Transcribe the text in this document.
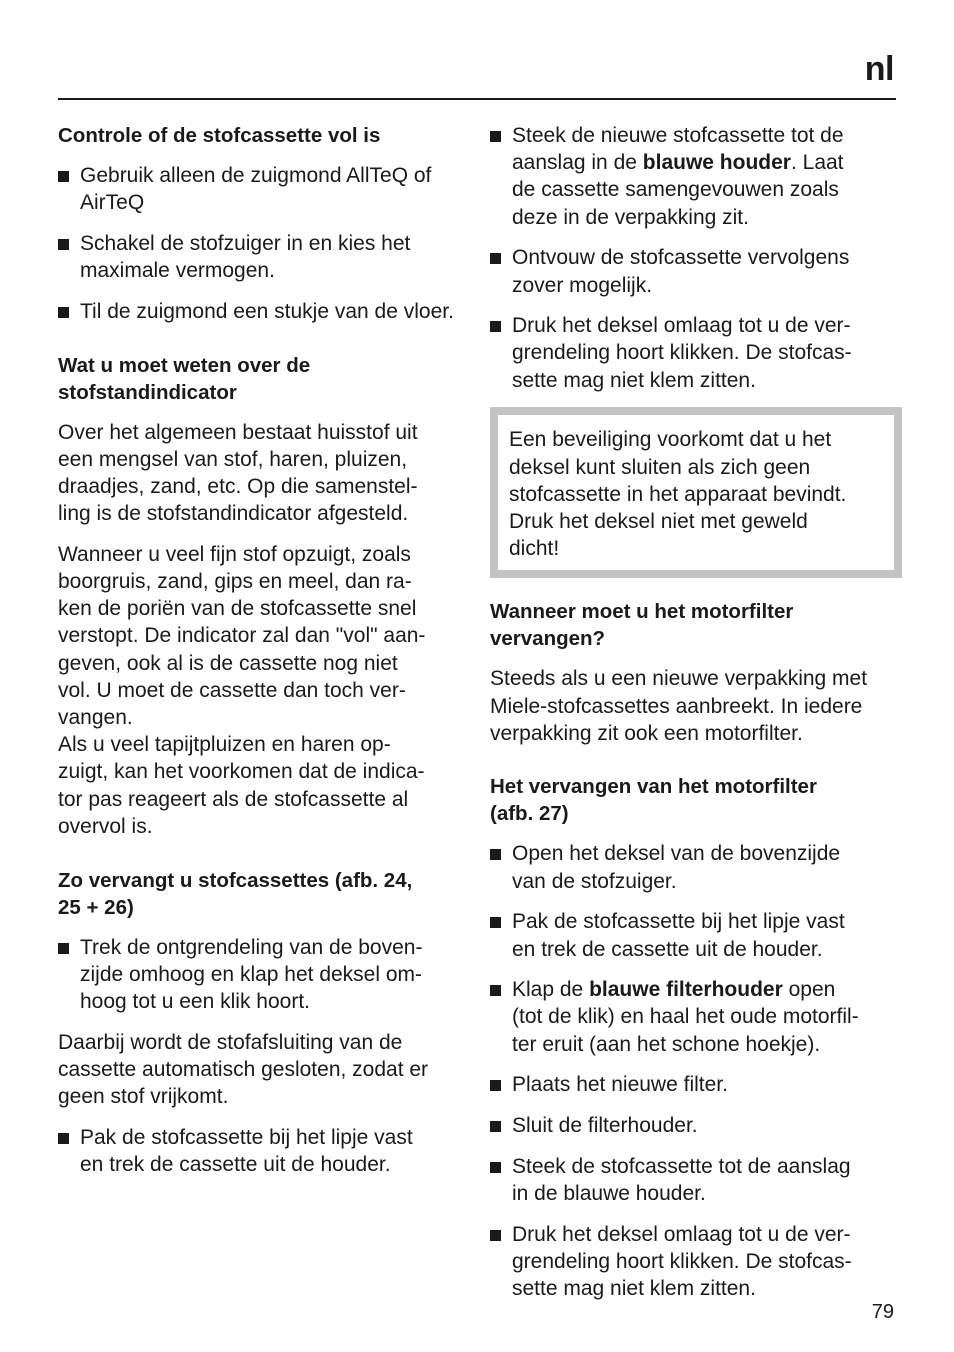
nl
Controle of de stofcassette vol is
Gebruik alleen de zuigmond AllTeQ of AirTeQ
Schakel de stofzuiger in en kies het maximale vermogen.
Til de zuigmond een stukje van de vloer.
Wat u moet weten over de
stofstandindicator

Over het algemeen bestaat huisstof uit
een mengsel van stof, haren, pluizen,
draadjes, zand, etc. Op die samenstel-
ling is de stofstandindicator afgesteld.

Wanneer u veel fijn stof opzuigt, zoals
boorgruis, zand, gips en meel, dan ra-
ken de poriën van de stofcassette snel
verstopt. De indicator zal dan "vol" aan-
geven, ook al is de cassette nog niet
vol. U moet de cassette dan toch ver-
vangen.
Als u veel tapijtpluizen en haren op-
zuigt, kan het voorkomen dat de indica-
tor pas reageert als de stofcassette al
overvol is.

Zo vervangt u stofcassettes (afb. 24,
25 + 26)
Trek de ontgrendeling van de boven-
zijde omhoog en klap het deksel om-
hoog tot u een klik hoort.

Daarbij wordt de stofafsluiting van de
cassette automatisch gesloten, zodat er
geen stof vrijkomt.

Pak de stofcassette bij het lipje vast
en trek de cassette uit de houder.
Steek de nieuwe stofcassette tot de
aanslag in de blauwe houder. Laat
de cassette samengevouwen zoals
deze in de verpakking zit.
Ontvouw de stofcassette vervolgens
zover mogelijk.
Druk het deksel omlaag tot u de ver-
grendeling hoort klikken. De stofcas-
sette mag niet klem zitten.
Een beveiliging voorkomt dat u het
deksel kunt sluiten als zich geen
stofcassette in het apparaat bevindt.
Druk het deksel niet met geweld
dicht!
Wanneer moet u het motorfilter
vervangen?

Steeds als u een nieuwe verpakking met
Miele-stofcassettes aanbreekt. In iedere
verpakking zit ook een motorfilter.

Het vervangen van het motorfilter
(afb. 27)
Open het deksel van de bovenzijde
van de stofzuiger.
Pak de stofcassette bij het lipje vast
en trek de cassette uit de houder.
Klap de blauwe filterhouder open
(tot de klik) en haal het oude motorfil-
ter eruit (aan het schone hoekje).
Plaats het nieuwe filter.
Sluit de filterhouder.
Steek de stofcassette tot de aanslag
in de blauwe houder.
Druk het deksel omlaag tot u de ver-
grendeling hoort klikken. De stofcas-
sette mag niet klem zitten.
79
